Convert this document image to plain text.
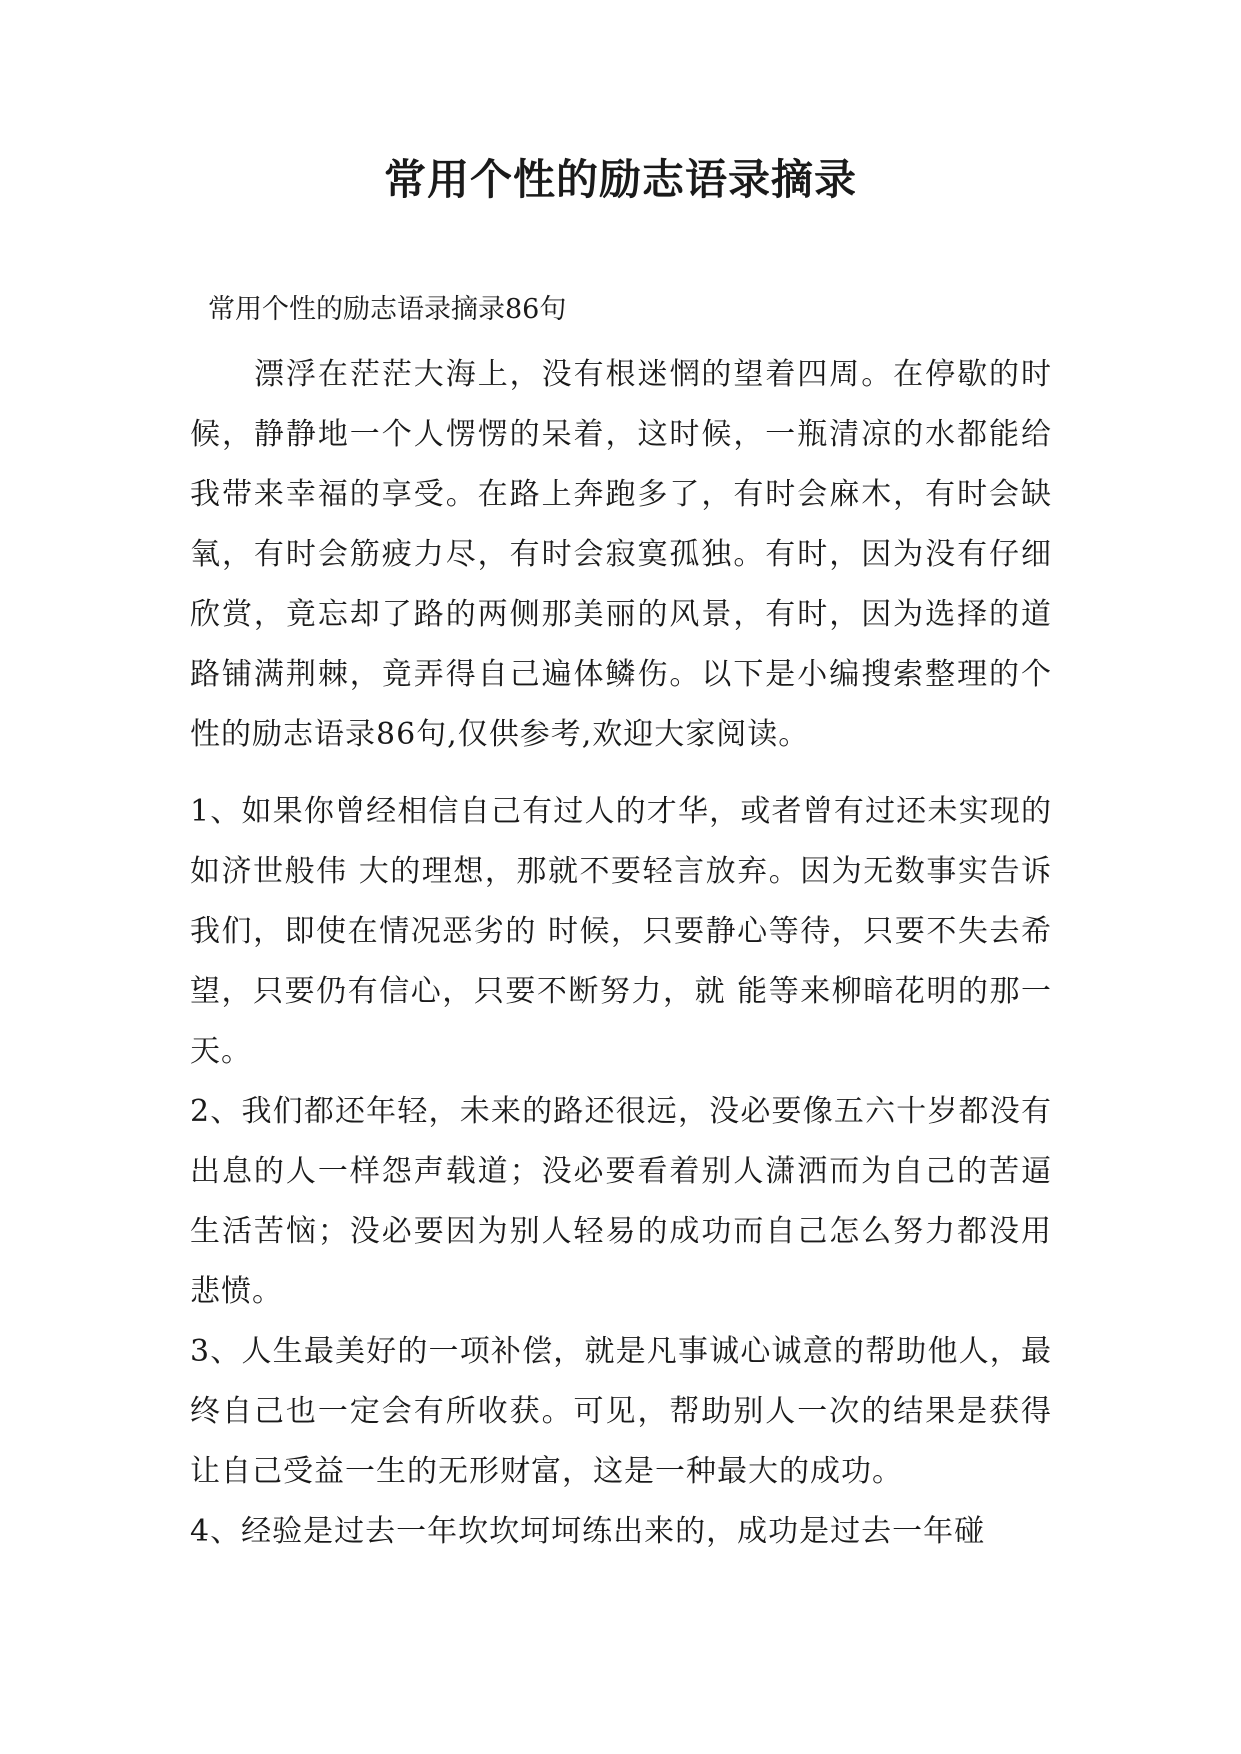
常用个性的励志语录摘录

常用个性的励志语录摘录86句

漂浮在茫茫大海上，没有根迷惘的望着四周。在停歇的时候，静静地一个人愣愣的呆着，这时候，一瓶清凉的水都能给我带来幸福的享受。在路上奔跑多了，有时会麻木，有时会缺氧，有时会筋疲力尽，有时会寂寞孤独。有时，因为没有仔细欣赏，竟忘却了路的两侧那美丽的风景，有时，因为选择的道路铺满荆棘，竟弄得自己遍体鳞伤。以下是小编搜索整理的个性的励志语录86句,仅供参考,欢迎大家阅读。

1、如果你曾经相信自己有过人的才华，或者曾有过还未实现的如济世般伟 大的理想，那就不要轻言放弃。因为无数事实告诉我们，即使在情况恶劣的 时候，只要静心等待，只要不失去希望，只要仍有信心，只要不断努力，就 能等来柳暗花明的那一天。

2、我们都还年轻，未来的路还很远，没必要像五六十岁都没有出息的人一样怨声载道；没必要看着别人潇洒而为自己的苦逼生活苦恼；没必要因为别人轻易的成功而自己怎么努力都没用悲愤。

3、人生最美好的一项补偿，就是凡事诚心诚意的帮助他人，最终自己也一定会有所收获。可见，帮助别人一次的结果是获得让自己受益一生的无形财富，这是一种最大的成功。

4、经验是过去一年坎坎坷坷练出来的，成功是过去一年碰
